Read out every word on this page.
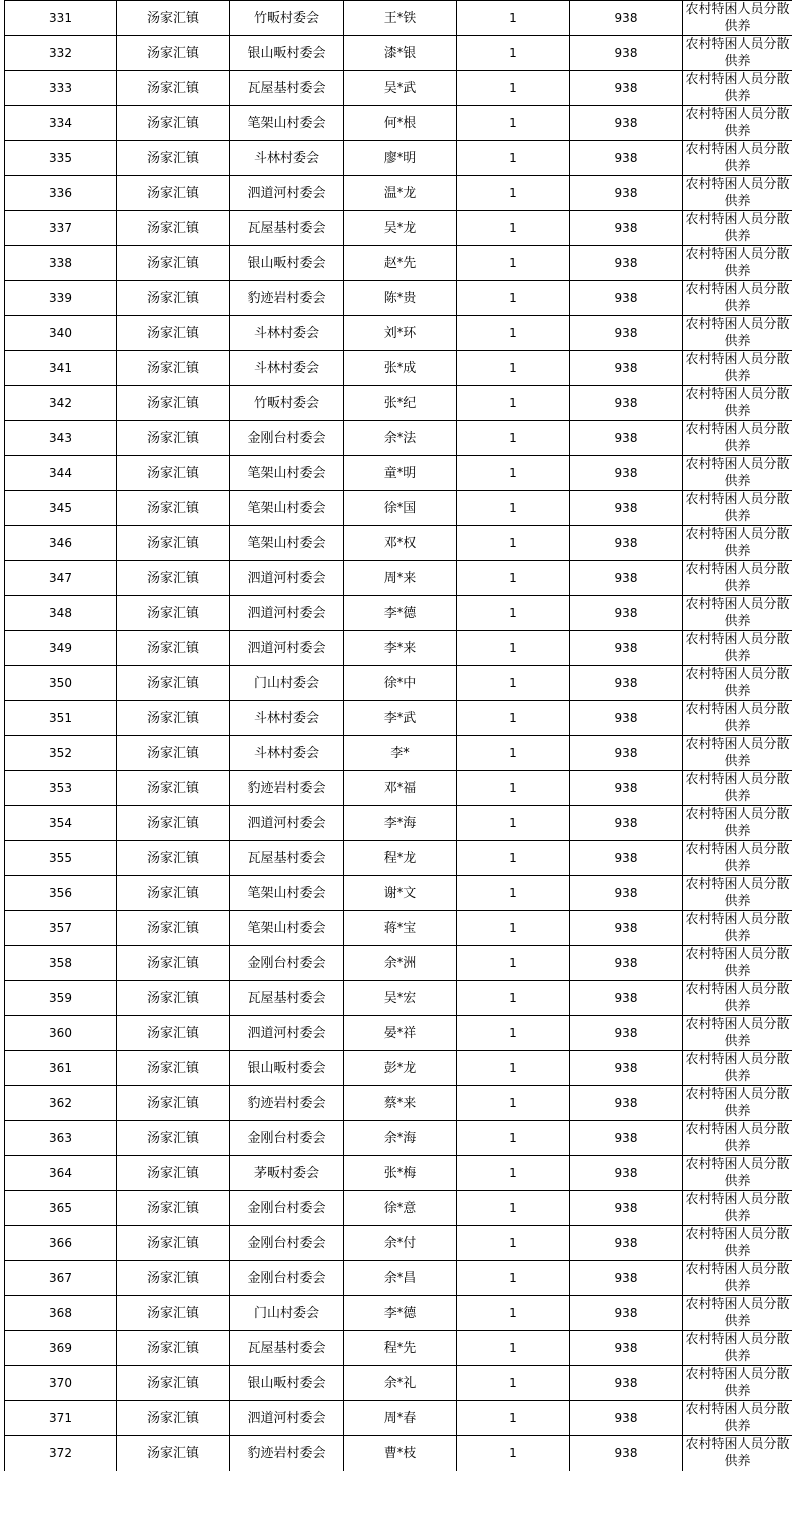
331	汤家汇镇	竹畈村委会	王*铁	1	938	农村特困人员分散供养
332	汤家汇镇	银山畈村委会	漆*银	1	938	农村特困人员分散供养
333	汤家汇镇	瓦屋基村委会	吴*武	1	938	农村特困人员分散供养
334	汤家汇镇	笔架山村委会	何*根	1	938	农村特困人员分散供养
335	汤家汇镇	斗林村委会	廖*明	1	938	农村特困人员分散供养
336	汤家汇镇	泗道河村委会	温*龙	1	938	农村特困人员分散供养
337	汤家汇镇	瓦屋基村委会	吴*龙	1	938	农村特困人员分散供养
338	汤家汇镇	银山畈村委会	赵*先	1	938	农村特困人员分散供养
339	汤家汇镇	豹迹岩村委会	陈*贵	1	938	农村特困人员分散供养
340	汤家汇镇	斗林村委会	刘*环	1	938	农村特困人员分散供养
341	汤家汇镇	斗林村委会	张*成	1	938	农村特困人员分散供养
342	汤家汇镇	竹畈村委会	张*纪	1	938	农村特困人员分散供养
343	汤家汇镇	金刚台村委会	余*法	1	938	农村特困人员分散供养
344	汤家汇镇	笔架山村委会	童*明	1	938	农村特困人员分散供养
345	汤家汇镇	笔架山村委会	徐*国	1	938	农村特困人员分散供养
346	汤家汇镇	笔架山村委会	邓*权	1	938	农村特困人员分散供养
347	汤家汇镇	泗道河村委会	周*来	1	938	农村特困人员分散供养
348	汤家汇镇	泗道河村委会	李*德	1	938	农村特困人员分散供养
349	汤家汇镇	泗道河村委会	李*来	1	938	农村特困人员分散供养
350	汤家汇镇	门山村委会	徐*中	1	938	农村特困人员分散供养
351	汤家汇镇	斗林村委会	李*武	1	938	农村特困人员分散供养
352	汤家汇镇	斗林村委会	李*	1	938	农村特困人员分散供养
353	汤家汇镇	豹迹岩村委会	邓*福	1	938	农村特困人员分散供养
354	汤家汇镇	泗道河村委会	李*海	1	938	农村特困人员分散供养
355	汤家汇镇	瓦屋基村委会	程*龙	1	938	农村特困人员分散供养
356	汤家汇镇	笔架山村委会	谢*文	1	938	农村特困人员分散供养
357	汤家汇镇	笔架山村委会	蒋*宝	1	938	农村特困人员分散供养
358	汤家汇镇	金刚台村委会	余*洲	1	938	农村特困人员分散供养
359	汤家汇镇	瓦屋基村委会	吴*宏	1	938	农村特困人员分散供养
360	汤家汇镇	泗道河村委会	晏*祥	1	938	农村特困人员分散供养
361	汤家汇镇	银山畈村委会	彭*龙	1	938	农村特困人员分散供养
362	汤家汇镇	豹迹岩村委会	蔡*来	1	938	农村特困人员分散供养
363	汤家汇镇	金刚台村委会	余*海	1	938	农村特困人员分散供养
364	汤家汇镇	茅畈村委会	张*梅	1	938	农村特困人员分散供养
365	汤家汇镇	金刚台村委会	徐*意	1	938	农村特困人员分散供养
366	汤家汇镇	金刚台村委会	余*付	1	938	农村特困人员分散供养
367	汤家汇镇	金刚台村委会	余*昌	1	938	农村特困人员分散供养
368	汤家汇镇	门山村委会	李*德	1	938	农村特困人员分散供养
369	汤家汇镇	瓦屋基村委会	程*先	1	938	农村特困人员分散供养
370	汤家汇镇	银山畈村委会	余*礼	1	938	农村特困人员分散供养
371	汤家汇镇	泗道河村委会	周*春	1	938	农村特困人员分散供养
372	汤家汇镇	豹迹岩村委会	曹*枝	1	938	农村特困人员分散供养
